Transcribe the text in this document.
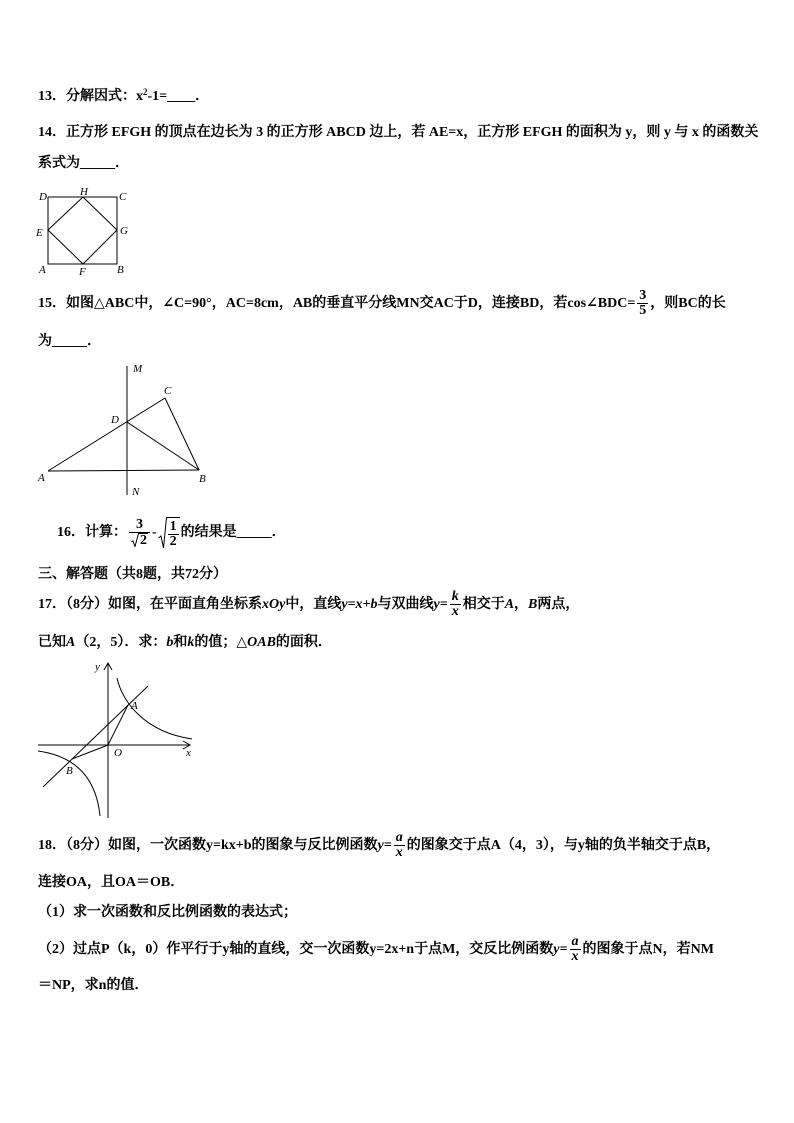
13．分解因式：$x^2-1=\_\_\_\_$．
14．正方形 EFGH 的顶点在边长为 3 的正方形 ABCD 边上，若 AE=x，正方形 EFGH 的面积为 y，则 y 与 x 的函数关
系式为_____．
D	H	C
E	G
A	F	B
15．如图△ABC中，∠C=90°，AC=8cm，AB的垂直平分线MN交AC于D，连接BD，若cos∠BDC= $\frac{3}{5}$ ，则BC的长
为_____．
M
C
D
A	B
N
16．计算： $\frac{3}{2} - \frac{1}{2}$ 的结果是_____．
三、解答题（共8题，共72分）
17．（8分）如图，在平面直角坐标系xOy中，直线y=x+b与双曲线$y= \frac{k}{x}$ 相交于A，B两点，
已知A（2，5）．求：b和k的值；△OAB的面积．
y
x
O
A
B
18．（8分）如图，一次函数y=kx+b的图象与反比例函数$y= \frac{a}{x}$ 的图象交于点A（4，3），与y轴的负半轴交于点B，
连接OA，且OA＝OB．
（1）求一次函数和反比例函数的表达式；
（2）过点P（k，0）作平行于y轴的直线，交一次函数y=2x+n于点M，交反比例函数$y= \frac{a}{x}$ 的图象于点N，若NM
＝NP，求n的值．
